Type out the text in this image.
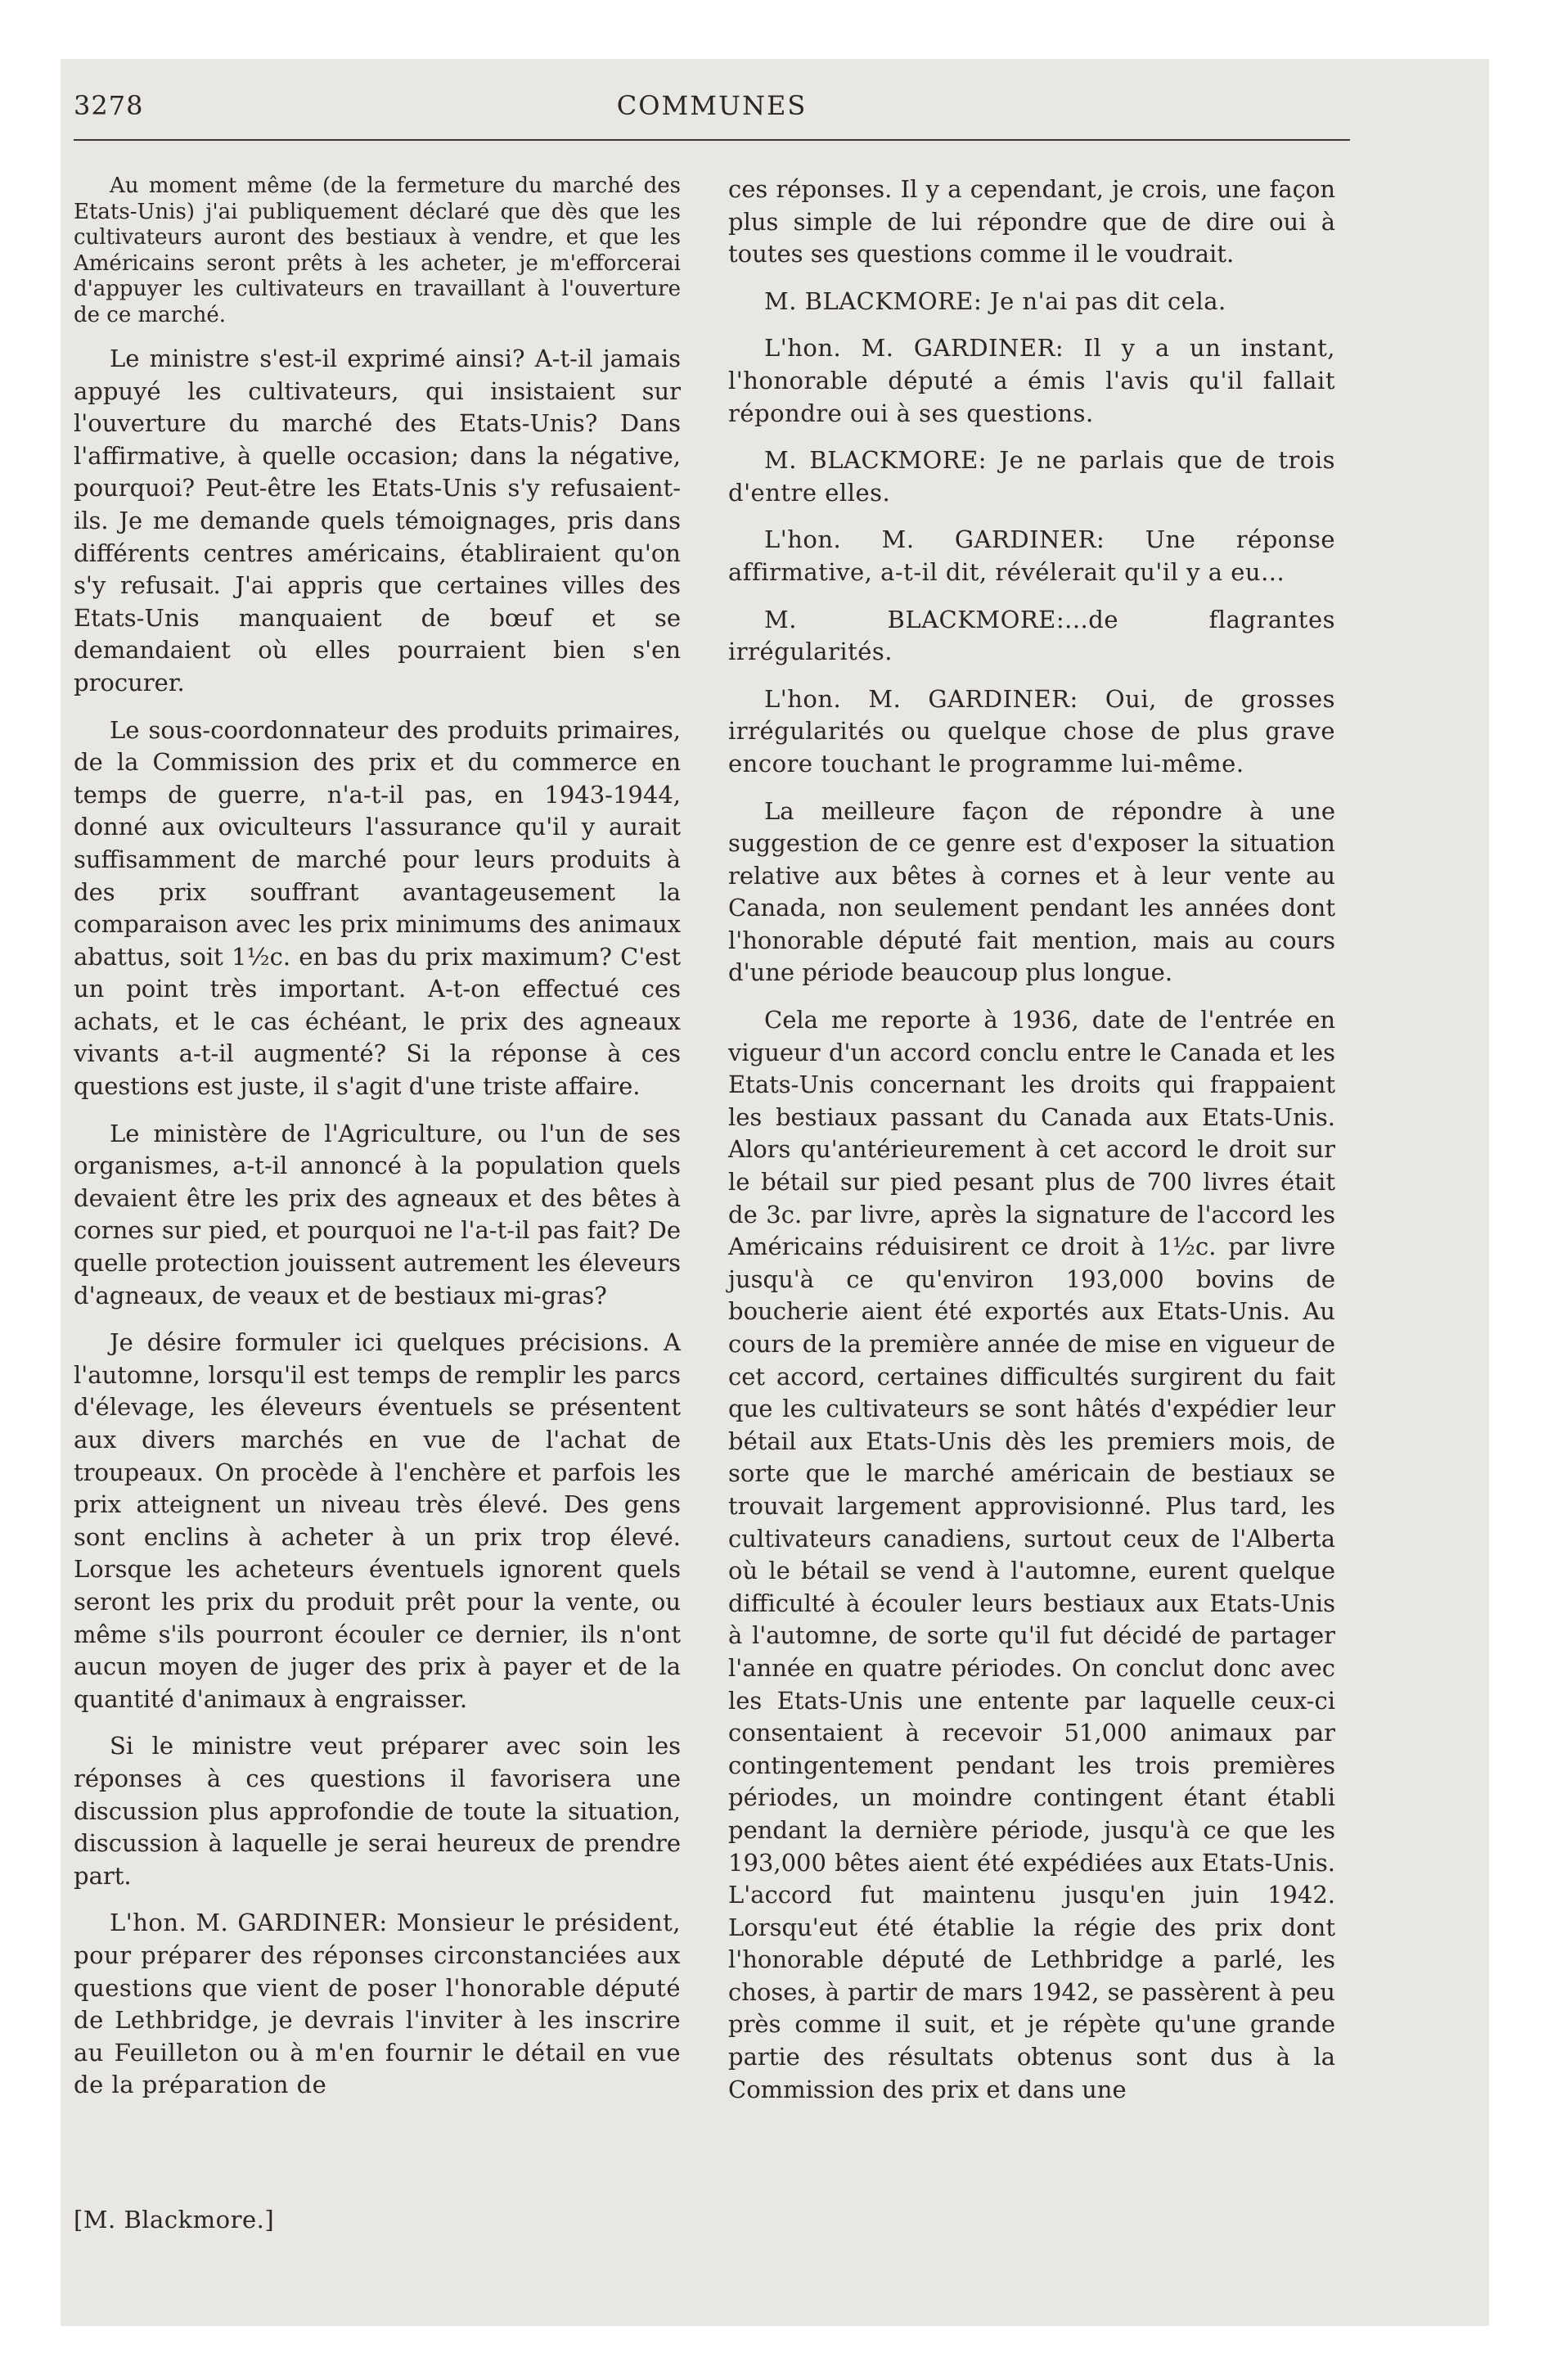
3278	COMMUNES

Au moment même (de la fermeture du marché des Etats-Unis) j'ai publiquement déclaré que dès que les cultivateurs auront des bestiaux à vendre, et que les Américains seront prêts à les acheter, je m'efforcerai d'appuyer les cultivateurs en travaillant à l'ouverture de ce marché.

Le ministre s'est-il exprimé ainsi? A-t-il jamais appuyé les cultivateurs, qui insistaient sur l'ouverture du marché des Etats-Unis? Dans l'affirmative, à quelle occasion; dans la négative, pourquoi? Peut-être les Etats-Unis s'y refusaient-ils. Je me demande quels témoignages, pris dans différents centres américains, établiraient qu'on s'y refusait. J'ai appris que certaines villes des Etats-Unis manquaient de bœuf et se demandaient où elles pourraient bien s'en procurer.

Le sous-coordonnateur des produits primaires, de la Commission des prix et du commerce en temps de guerre, n'a-t-il pas, en 1943-1944, donné aux oviculteurs l'assurance qu'il y aurait suffisamment de marché pour leurs produits à des prix souffrant avantageusement la comparaison avec les prix minimums des animaux abattus, soit 1½c. en bas du prix maximum? C'est un point très important. A-t-on effectué ces achats, et le cas échéant, le prix des agneaux vivants a-t-il augmenté? Si la réponse à ces questions est juste, il s'agit d'une triste affaire.

Le ministère de l'Agriculture, ou l'un de ses organismes, a-t-il annoncé à la population quels devaient être les prix des agneaux et des bêtes à cornes sur pied, et pourquoi ne l'a-t-il pas fait? De quelle protection jouissent autrement les éleveurs d'agneaux, de veaux et de bestiaux mi-gras?

Je désire formuler ici quelques précisions. A l'automne, lorsqu'il est temps de remplir les parcs d'élevage, les éleveurs éventuels se présentent aux divers marchés en vue de l'achat de troupeaux. On procède à l'enchère et parfois les prix atteignent un niveau très élevé. Des gens sont enclins à acheter à un prix trop élevé. Lorsque les acheteurs éventuels ignorent quels seront les prix du produit prêt pour la vente, ou même s'ils pourront écouler ce dernier, ils n'ont aucun moyen de juger des prix à payer et de la quantité d'animaux à engraisser.

Si le ministre veut préparer avec soin les réponses à ces questions il favorisera une discussion plus approfondie de toute la situation, discussion à laquelle je serai heureux de prendre part.

L'hon. M. GARDINER: Monsieur le président, pour préparer des réponses circonstanciées aux questions que vient de poser l'honorable député de Lethbridge, je devrais l'inviter à les inscrire au Feuilleton ou à m'en fournir le détail en vue de la préparation de

[M. Blackmore.]

ces réponses. Il y a cependant, je crois, une façon plus simple de lui répondre que de dire oui à toutes ses questions comme il le voudrait.

M. BLACKMORE: Je n'ai pas dit cela.

L'hon. M. GARDINER: Il y a un instant, l'honorable député a émis l'avis qu'il fallait répondre oui à ses questions.

M. BLACKMORE: Je ne parlais que de trois d'entre elles.

L'hon. M. GARDINER: Une réponse affirmative, a-t-il dit, révélerait qu'il y a eu...

M. BLACKMORE:...de flagrantes irrégularités.

L'hon. M. GARDINER: Oui, de grosses irrégularités ou quelque chose de plus grave encore touchant le programme lui-même.

La meilleure façon de répondre à une suggestion de ce genre est d'exposer la situation relative aux bêtes à cornes et à leur vente au Canada, non seulement pendant les années dont l'honorable député fait mention, mais au cours d'une période beaucoup plus longue.

Cela me reporte à 1936, date de l'entrée en vigueur d'un accord conclu entre le Canada et les Etats-Unis concernant les droits qui frappaient les bestiaux passant du Canada aux Etats-Unis. Alors qu'antérieurement à cet accord le droit sur le bétail sur pied pesant plus de 700 livres était de 3c. par livre, après la signature de l'accord les Américains réduisirent ce droit à 1½c. par livre jusqu'à ce qu'environ 193,000 bovins de boucherie aient été exportés aux Etats-Unis. Au cours de la première année de mise en vigueur de cet accord, certaines difficultés surgirent du fait que les cultivateurs se sont hâtés d'expédier leur bétail aux Etats-Unis dès les premiers mois, de sorte que le marché américain de bestiaux se trouvait largement approvisionné. Plus tard, les cultivateurs canadiens, surtout ceux de l'Alberta où le bétail se vend à l'automne, eurent quelque difficulté à écouler leurs bestiaux aux Etats-Unis à l'automne, de sorte qu'il fut décidé de partager l'année en quatre périodes. On conclut donc avec les Etats-Unis une entente par laquelle ceux-ci consentaient à recevoir 51,000 animaux par contingentement pendant les trois premières périodes, un moindre contingent étant établi pendant la dernière période, jusqu'à ce que les 193,000 bêtes aient été expédiées aux Etats-Unis. L'accord fut maintenu jusqu'en juin 1942. Lorsqu'eut été établie la régie des prix dont l'honorable député de Lethbridge a parlé, les choses, à partir de mars 1942, se passèrent à peu près comme il suit, et je répète qu'une grande partie des résultats obtenus sont dus à la Commission des prix et dans une
